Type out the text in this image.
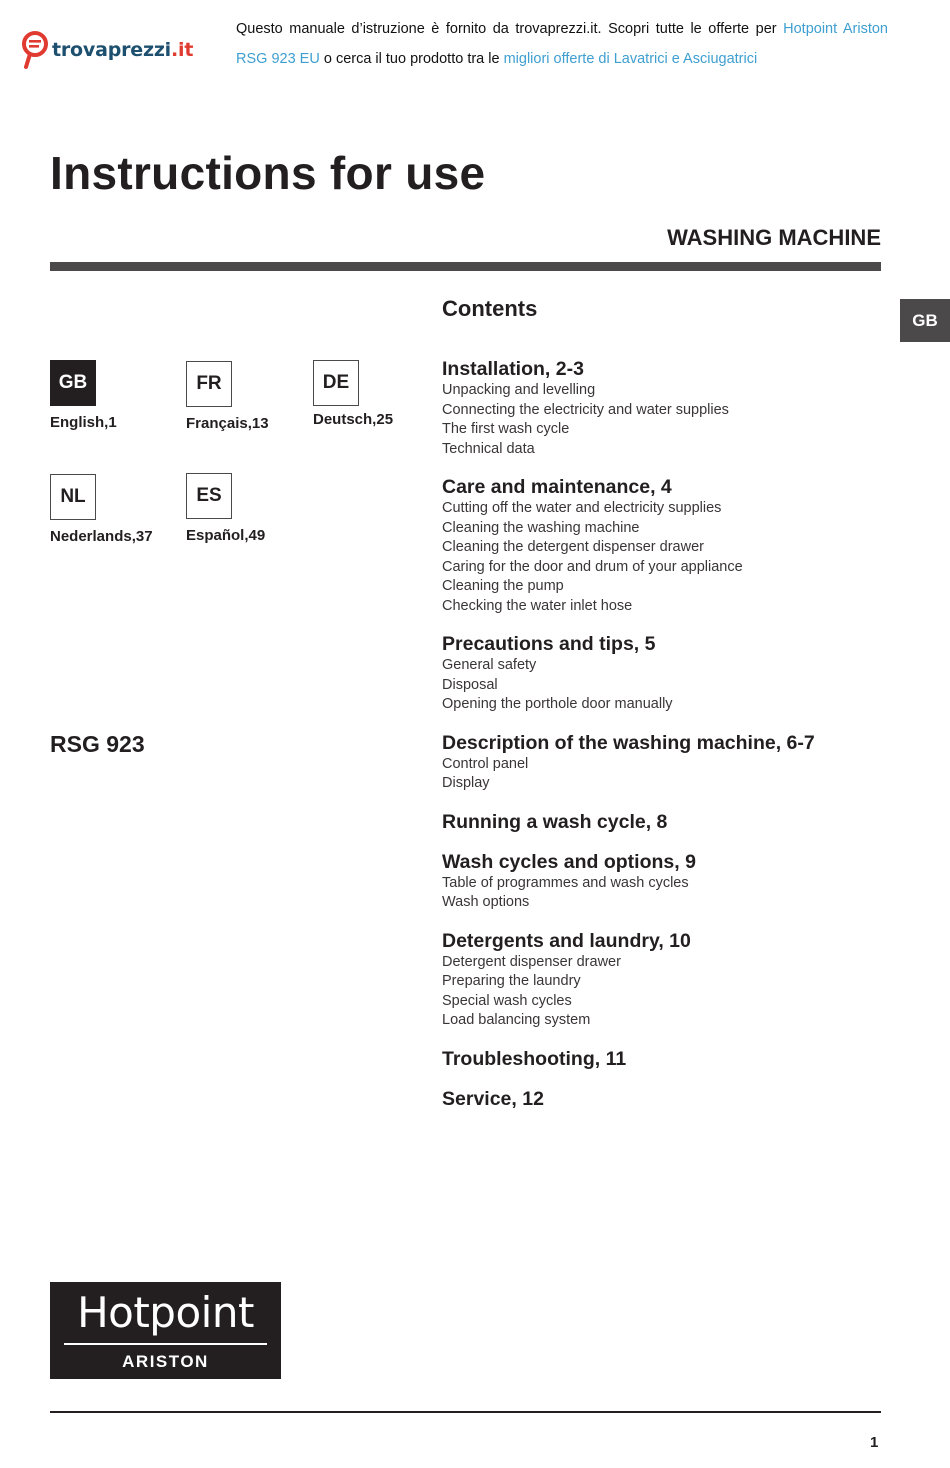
trovaprezzi.it
Questo manuale d’istruzione è fornito da trovaprezzi.it. Scopri tutte le offerte per Hotpoint Ariston
RSG 923 EU o cerca il tuo prodotto tra le migliori offerte di Lavatrici e Asciugatrici
Instructions for use
WASHING MACHINE
GB
GB
English,1
FR
Français,13
DE
Deutsch,25
NL
Nederlands,37
ES
Español,49
RSG 923
Contents
Installation, 2-3
Unpacking and levelling
Connecting the electricity and water supplies
The first wash cycle
Technical data
Care and maintenance, 4
Cutting off the water and electricity supplies
Cleaning the washing machine
Cleaning the detergent dispenser drawer
Caring for the door and drum of your appliance
Cleaning the pump
Checking the water inlet hose
Precautions and tips, 5
General safety
Disposal
Opening the porthole door manually
Description of the washing machine, 6-7
Control panel
Display
Running a wash cycle, 8
Wash cycles and options, 9
Table of programmes and wash cycles
Wash options
Detergents and laundry, 10
Detergent dispenser drawer
Preparing the laundry
Special wash cycles
Load balancing system
Troubleshooting, 11
Service, 12
Hotpoint
ARISTON
1
